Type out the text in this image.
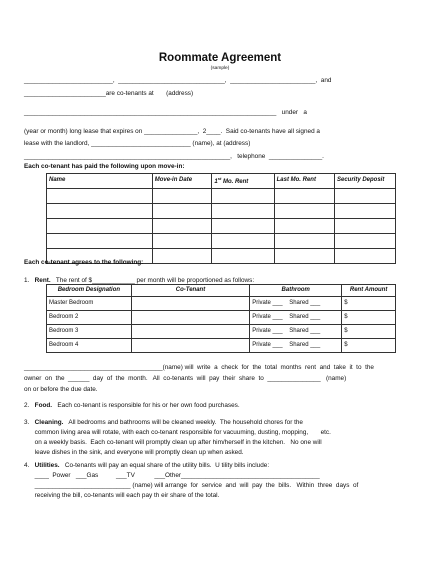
Roommate Agreement
(sample)
_________________________,  ______________________________,  ________________________,  and
_______________________are co-tenants at       (address)
_______________________________________________________________________   under   a
(year or month) long lease that expires on _______________,  2____.  Said co-tenants have all signed a
lease with the landlord, ____________________________ (name), at (address)
__________________________________________________________,   telephone  _______________.
Each co-tenant has paid the following upon move-in:
Name	Move-in Date	1st Mo. Rent	Last Mo. Rent	Security Deposit

Each co-tenant agrees to the following:
1.   Rent.   The rent of $____________ per month will be proportioned as follows:
Bedroom Designation	Co-Tenant	Bathroom	Rent Amount
Master Bedroom		Private ___    Shared ___	$
Bedroom 2		Private ___    Shared ___	$
Bedroom 3		Private ___    Shared ___	$
Bedroom 4		Private ___    Shared ___	$
_______________________________________(name) will  write  a  check  for  the  total  months  rent  and  take  it  to  the
owner  on  the  ______  day  of  the  month.   All  co-tenants  will  pay  their  share  to  _______________   (name)
on or before the due date.
2.   Food.   Each co-tenant is responsible for his or her own food purchases.
3.   Cleaning.   All bedrooms and bathrooms will be cleaned weekly.  The household chores for the
common living area will rotate, with each co-tenant responsible for vacuuming, dusting, mopping,       etc.
on a weekly basis.  Each co-tenant will promptly clean up after him/herself in the kitchen.   No one will
leave dishes in the sink, and everyone will promptly clean up when asked.
4.   Utilities.   Co-tenants will pay an equal share of the utility bills.  U tility bills include:
____  Power   ___Gas          ___TV           ___Other_______________________________________
___________________________ (name) will arrange  for  service  and  will  pay  the  bills.   Within  three  days  of
receiving the bill, co-tenants will each pay th eir share of the total.
